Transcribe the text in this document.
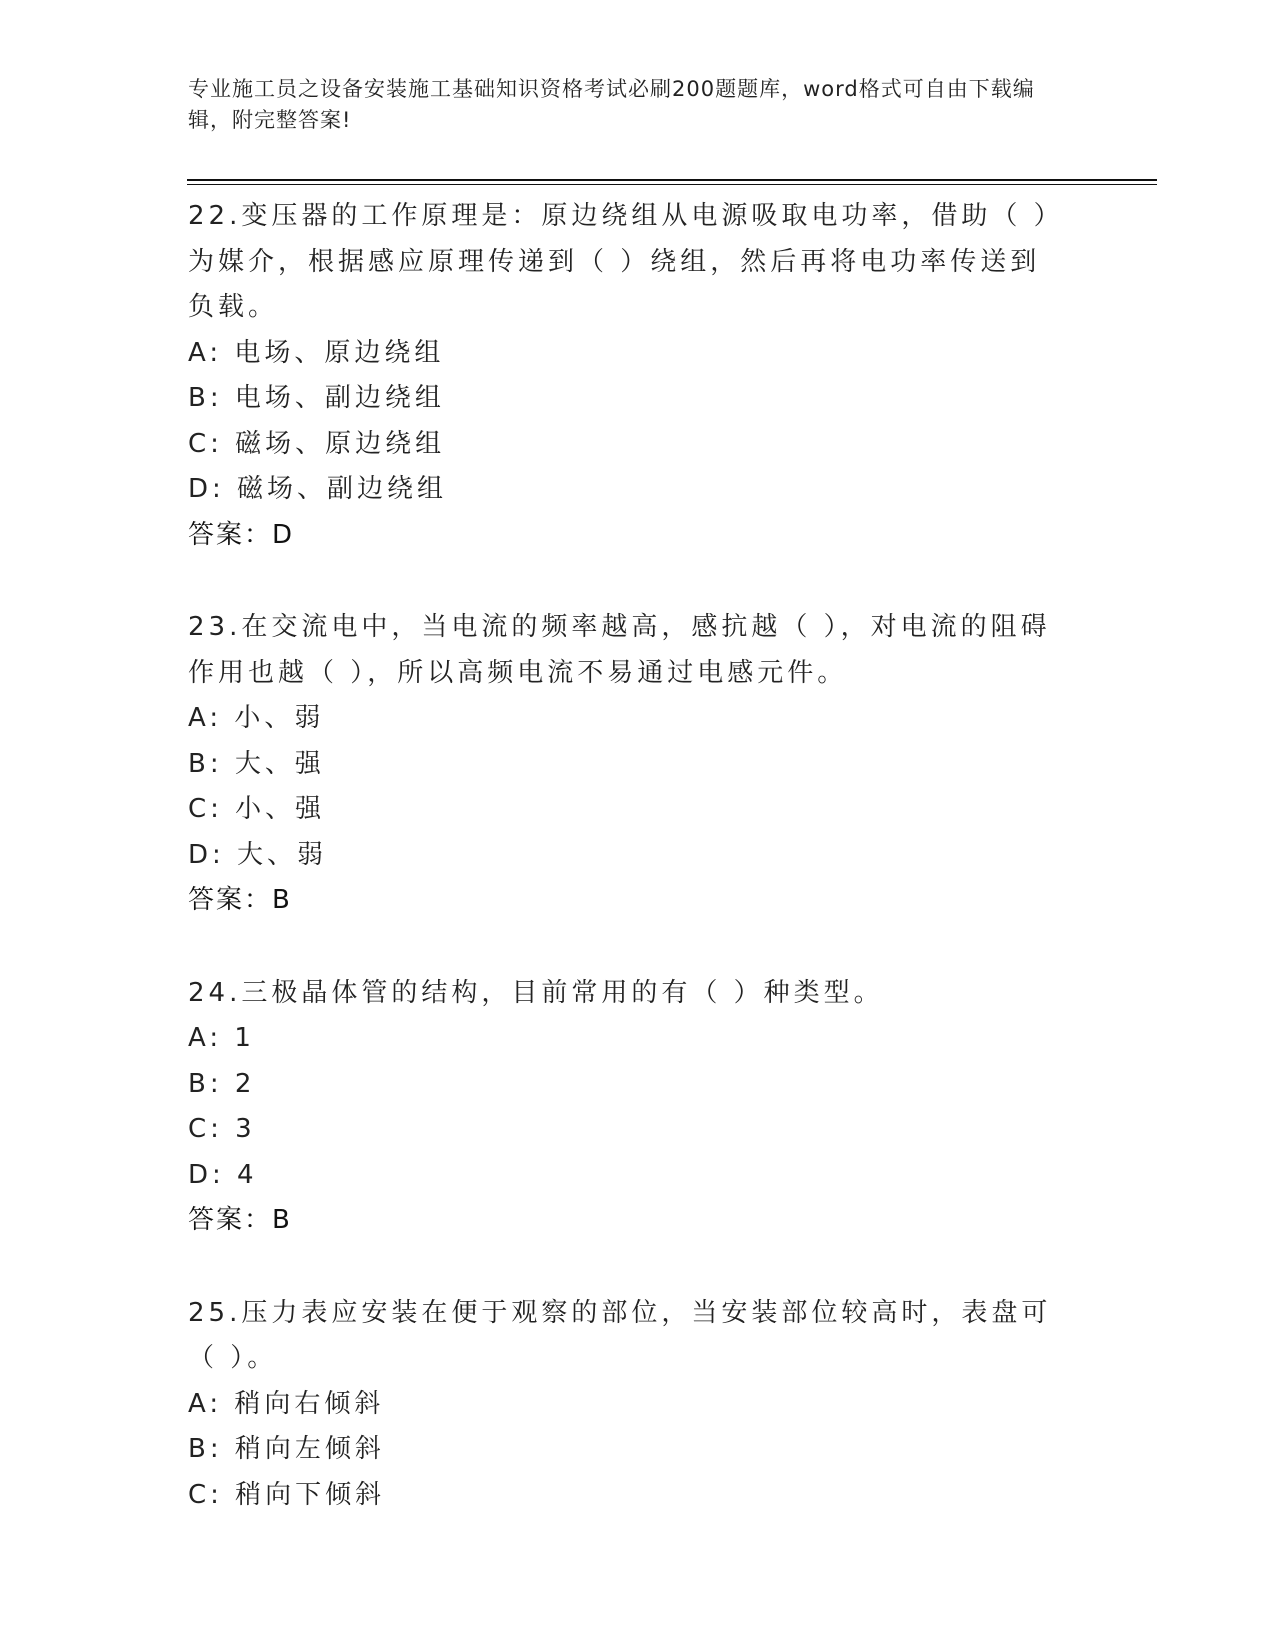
专业施工员之设备安装施工基础知识资格考试必刷200题题库，word格式可自由下载编辑，附完整答案!
22.变压器的工作原理是：原边绕组从电源吸取电功率，借助（ ）为媒介，根据感应原理传递到（ ）绕组，然后再将电功率传送到负载。
A: 电场、原边绕组
B: 电场、副边绕组
C: 磁场、原边绕组
D: 磁场、副边绕组
答案：D
23.在交流电中，当电流的频率越高，感抗越（ ），对电流的阻碍作用也越（ ），所以高频电流不易通过电感元件。
A: 小、弱
B: 大、强
C: 小、强
D: 大、弱
答案：B
24.三极晶体管的结构，目前常用的有（ ）种类型。
A: 1
B: 2
C: 3
D: 4
答案：B
25.压力表应安装在便于观察的部位，当安装部位较高时，表盘可（ ）。
A: 稍向右倾斜
B: 稍向左倾斜
C: 稍向下倾斜
